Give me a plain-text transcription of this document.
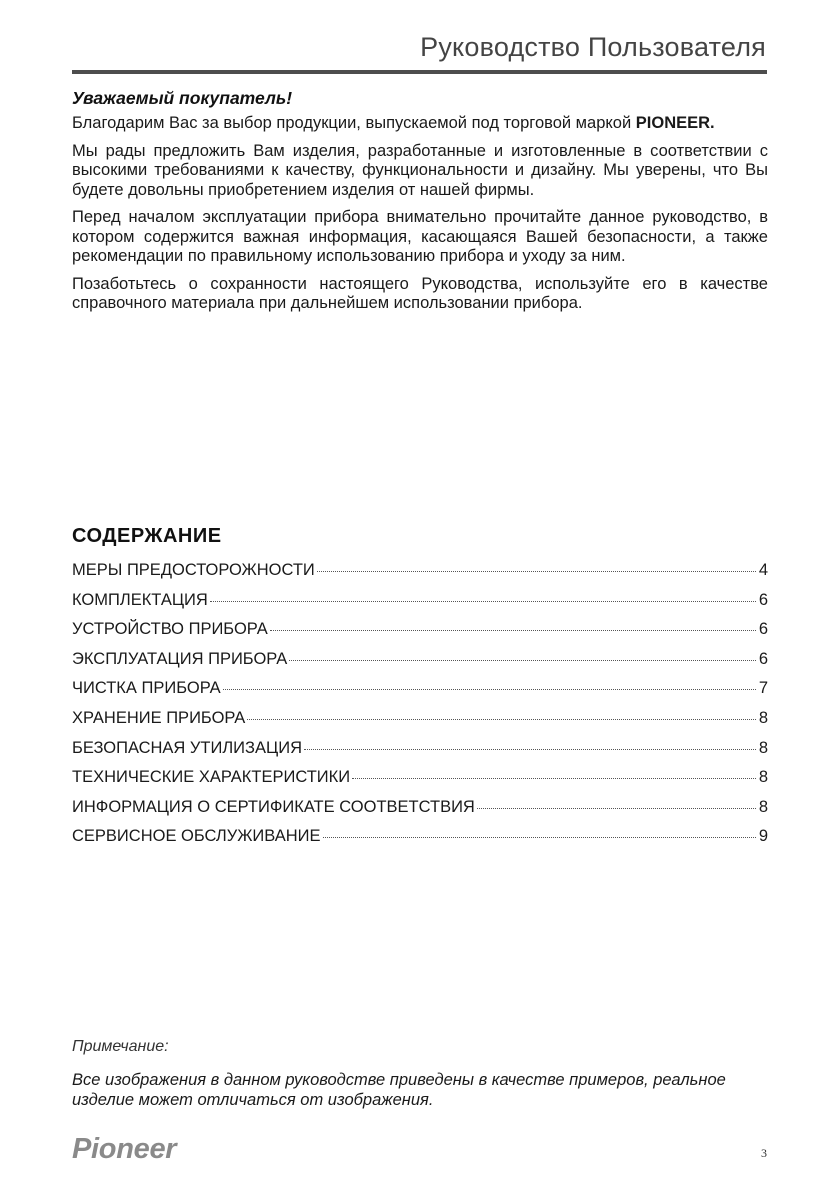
Руководство Пользователя
Уважаемый покупатель!

Благодарим Вас за выбор продукции, выпускаемой под торговой маркой PIONEER.

Мы рады предложить Вам изделия, разработанные и изготовленные в соответствии с высокими требованиями к качеству, функциональности и дизайну. Мы уверены, что Вы будете довольны приобретением изделия от нашей фирмы.

Перед началом эксплуатации прибора внимательно прочитайте данное руководство, в котором содержится важная информация, касающаяся Вашей безопасности, а также рекомендации по правильному использованию прибора и уходу за ним.

Позаботьтесь о сохранности настоящего Руководства, используйте его в качестве справочного материала при дальнейшем использовании прибора.

СОДЕРЖАНИЕ
МЕРЫ ПРЕДОСТОРОЖНОСТИ	4
КОМПЛЕКТАЦИЯ	6
УСТРОЙСТВО ПРИБОРА	6
ЭКСПЛУАТАЦИЯ ПРИБОРА	6
ЧИСТКА ПРИБОРА	7
ХРАНЕНИЕ ПРИБОРА	8
БЕЗОПАСНАЯ УТИЛИЗАЦИЯ	8
ТЕХНИЧЕСКИЕ ХАРАКТЕРИСТИКИ	8
ИНФОРМАЦИЯ О СЕРТИФИКАТЕ СООТВЕТСТВИЯ	8
СЕРВИСНОЕ ОБСЛУЖИВАНИЕ	9
Примечание:
Все изображения в данном руководстве приведены в качестве примеров, реальное изделие может отличаться от изображения.
Pioneer	3
